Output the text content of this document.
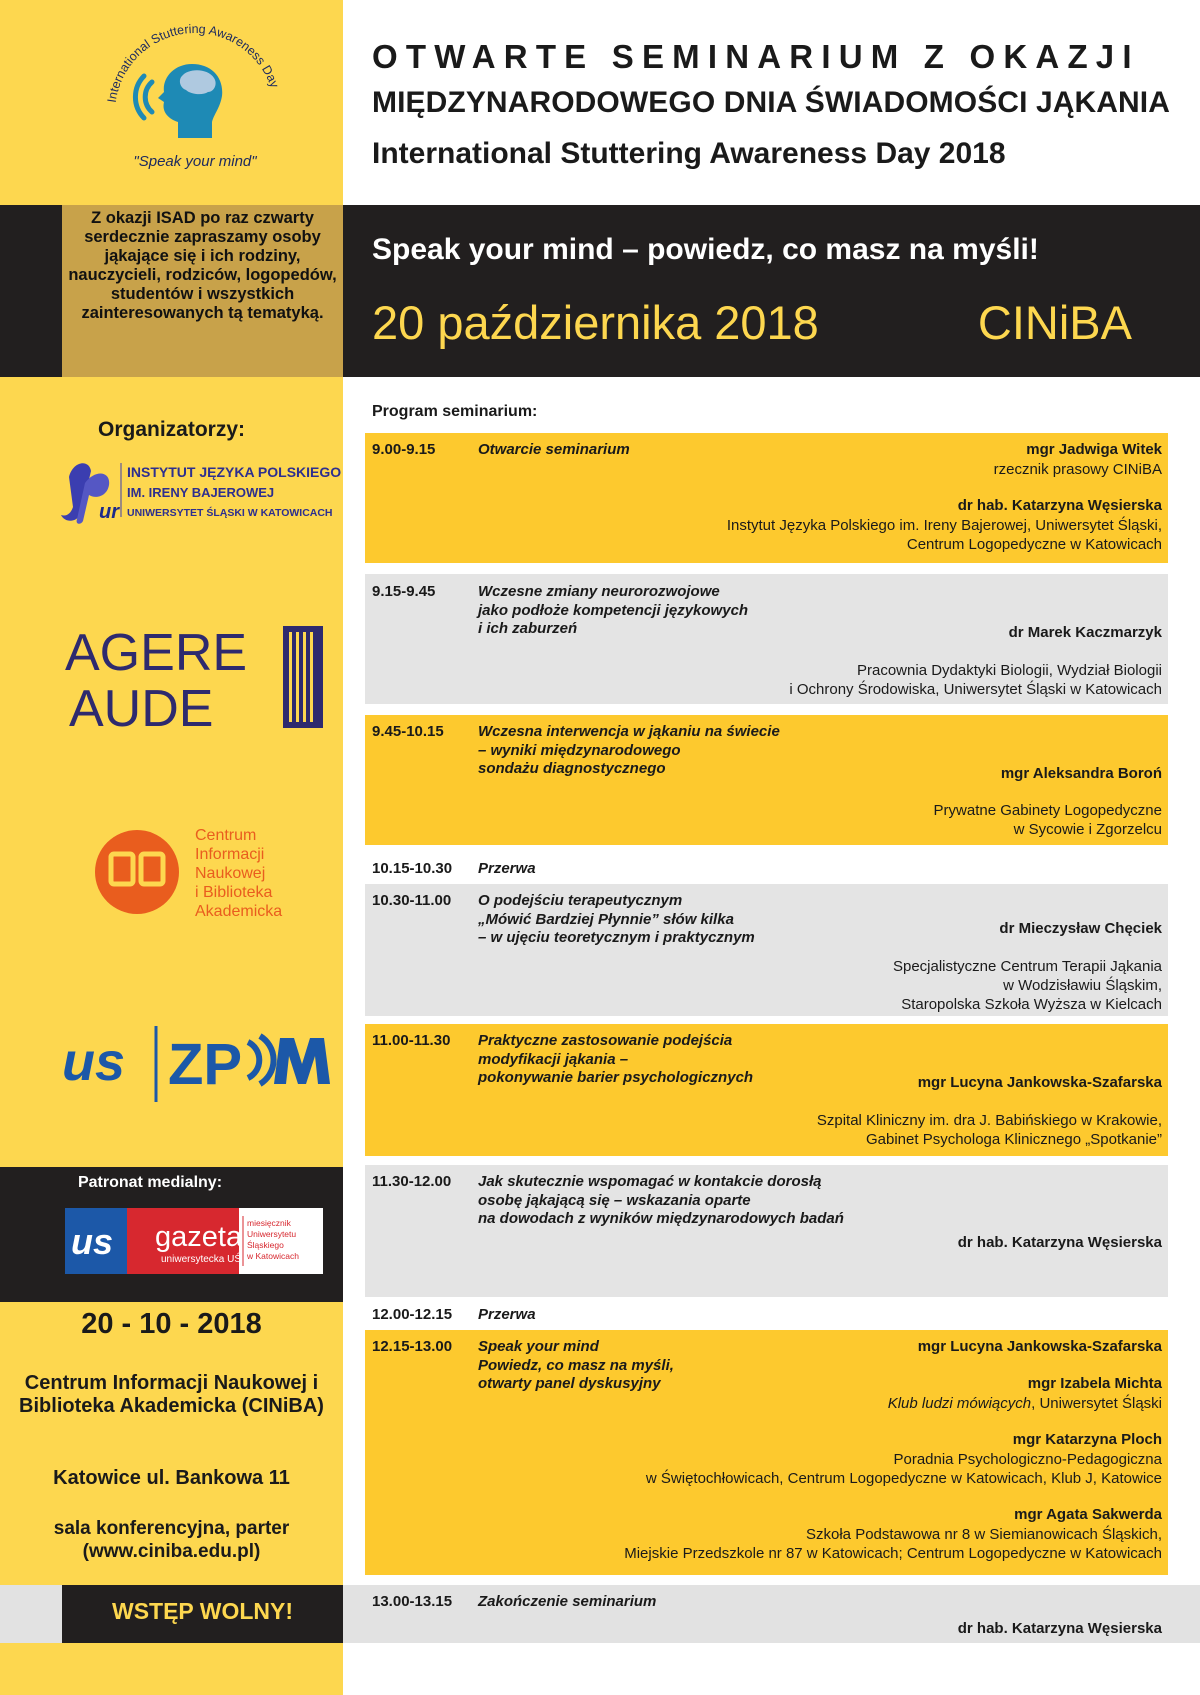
Z okazji ISAD po raz czwarty serdecznie zapraszamy osoby jąkające się i ich rodziny, nauczycieli, rodziców, logopedów, studentów i wszystkich zainteresowanych tą tematyką.
International Stuttering Awareness Day
"Speak your mind"
Organizatorzy:
ur
INSTYTUT JĘZYKA POLSKIEGO
IM. IRENY BAJEROWEJ
UNIWERSYTET ŚLĄSKI W KATOWICACH
AGERE
AUDE
Centrum
Informacji
Naukowej
i Biblioteka
Akademicka
us ZP
Patronat medialny:
us gazeta
uniwersytecka UŚ
miesięcznik
Uniwersytetu
Śląskiego
w Katowicach
20 - 10 - 2018
Centrum Informacji Naukowej i Biblioteka Akademicka (CINiBA)
Katowice ul. Bankowa 11
sala konferencyjna, parter (www.ciniba.edu.pl)
WSTĘP WOLNY!
OTWARTE SEMINARIUM Z OKAZJI
MIĘDZYNARODOWEGO DNIA ŚWIADOMOŚCI JĄKANIA
International Stuttering Awareness Day 2018
Speak your mind – powiedz, co masz na myśli!
20 października 2018	CINiBA
Program seminarium:
9.00-9.15	Otwarcie seminarium	mgr Jadwiga Witek
rzecznik prasowy CINiBA
dr hab. Katarzyna Węsierska
Instytut Języka Polskiego im. Ireny Bajerowej, Uniwersytet Śląski,
Centrum Logopedyczne w Katowicach
9.15-9.45	Wczesne zmiany neurorozwojowe
jako podłoże kompetencji językowych
i ich zaburzeń	dr Marek Kaczmarzyk
Pracownia Dydaktyki Biologii, Wydział Biologii
i Ochrony Środowiska, Uniwersytet Śląski w Katowicach
9.45-10.15 Wczesna interwencja w jąkaniu na świecie
– wyniki międzynarodowego
sondażu diagnostycznego	mgr Aleksandra Boroń
Prywatne Gabinety Logopedyczne
w Sycowie i Zgorzelcu
10.15-10.30 Przerwa
10.30-11.00 O podejściu terapeutycznym
„Mówić Bardziej Płynnie” słów kilka
– w ujęciu teoretycznym i praktycznym
dr Mieczysław Chęciek
Specjalistyczne Centrum Terapii Jąkania
w Wodzisławiu Śląskim,
Staropolska Szkoła Wyższa w Kielcach
11.00-11.30 Praktyczne zastosowanie podejścia
modyfikacji jąkania –
pokonywanie barier psychologicznych	mgr Lucyna Jankowska-Szafarska
Szpital Kliniczny im. dra J. Babińskiego w Krakowie,
Gabinet Psychologa Klinicznego „Spotkanie”
11.30-12.00 Jak skutecznie wspomagać w kontakcie dorosłą
osobę jąkającą się – wskazania oparte
na dowodach z wyników międzynarodowych badań
dr hab. Katarzyna Węsierska
12.00-12.15 Przerwa
12.15-13.00 Speak your mind
Powiedz, co masz na myśli,
otwarty panel dyskusyjny
mgr Lucyna Jankowska-Szafarska
mgr Izabela Michta
Klub ludzi mówiących, Uniwersytet Śląski
mgr Katarzyna Ploch
Poradnia Psychologiczno-Pedagogiczna
w Świętochłowicach, Centrum Logopedyczne w Katowicach, Klub J, Katowice
mgr Agata Sakwerda
Szkoła Podstawowa nr 8 w Siemianowicach Śląskich,
Miejskie Przedszkole nr 87 w Katowicach; Centrum Logopedyczne w Katowicach
13.00-13.15 Zakończenie seminarium
dr hab. Katarzyna Węsierska
